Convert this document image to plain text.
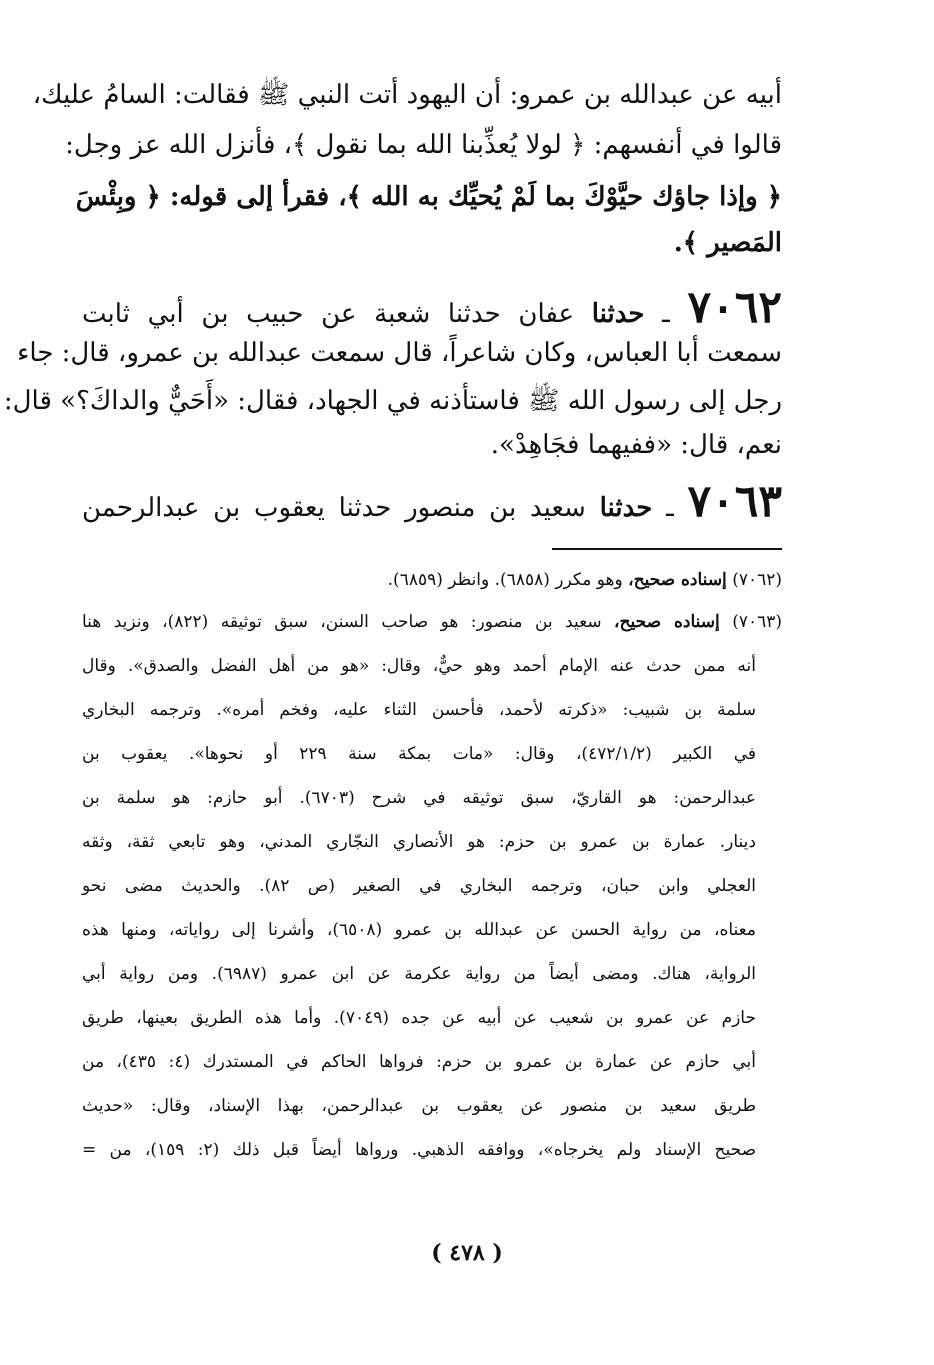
أبيه عن عبدالله بن عمرو: أن اليهود أتت النبي ﷺ فقالت: السامُ عليك،
قالوا في أنفسهم: ﴿ لولا يُعذِّبنا الله بما نقول ﴾، فأنزل الله عز وجل:
﴿ وإذا جاؤك حيَّوْكَ بما لَمْ يُحيِّك به الله ﴾، فقرأ إلى قوله: ﴿ وبِئْسَ
المَصير ﴾.
٧٠٦٢ ـ حدثنا عفان حدثنا شعبة عن حبيب بن أبي ثابت
سمعت أبا العباس، وكان شاعراً، قال سمعت عبدالله بن عمرو، قال: جاء
رجل إلى رسول الله ﷺ فاستأذنه في الجهاد، فقال: «أَحَيٌّ والداكَ؟» قال:
نعم، قال: «ففيهما فجَاهِدْ».
٧٠٦٣ ـ حدثنا سعيد بن منصور حدثنا يعقوب بن عبدالرحمن
(٧٠٦٢) إسناده صحيح، وهو مكرر (٦٨٥٨). وانظر (٦٨٥٩).
(٧٠٦٣) إسناده صحيح، سعيد بن منصور: هو صاحب السنن، سبق توثيقه (٨٢٢)، ونزيد هنا
أنه ممن حدث عنه الإمام أحمد وهو حيٌّ، وقال: «هو من أهل الفضل والصدق». وقال
سلمة بن شبيب: «ذكرته لأحمد، فأحسن الثناء عليه، وفخم أمره». وترجمه البخاري
في الكبير (٤٧٢/١/٢)، وقال: «مات بمكة سنة ٢٢٩ أو نحوها». يعقوب بن
عبدالرحمن: هو القاريّ، سبق توثيقه في شرح (٦٧٠٣). أبو حازم: هو سلمة بن
دينار. عمارة بن عمرو بن حزم: هو الأنصاري النجّاري المدني، وهو تابعي ثقة، وثقه
العجلي وابن حبان، وترجمه البخاري في الصغير (ص ٨٢). والحديث مضى نحو
معناه، من رواية الحسن عن عبدالله بن عمرو (٦٥٠٨)، وأشرنا إلى رواياته، ومنها هذه
الرواية، هناك. ومضى أيضاً من رواية عكرمة عن ابن عمرو (٦٩٨٧). ومن رواية أبي
حازم عن عمرو بن شعيب عن أبيه عن جده (٧٠٤٩). وأما هذه الطريق بعينها، طريق
أبي حازم عن عمارة بن عمرو بن حزم: فرواها الحاكم في المستدرك (٤: ٤٣٥)، من
طريق سعيد بن منصور عن يعقوب بن عبدالرحمن، بهذا الإسناد، وقال: «حديث
صحيح الإسناد ولم يخرجاه»، ووافقه الذهبي. ورواها أيضاً قبل ذلك (٢: ١٥٩)، من =
( ٤٧٨ )
